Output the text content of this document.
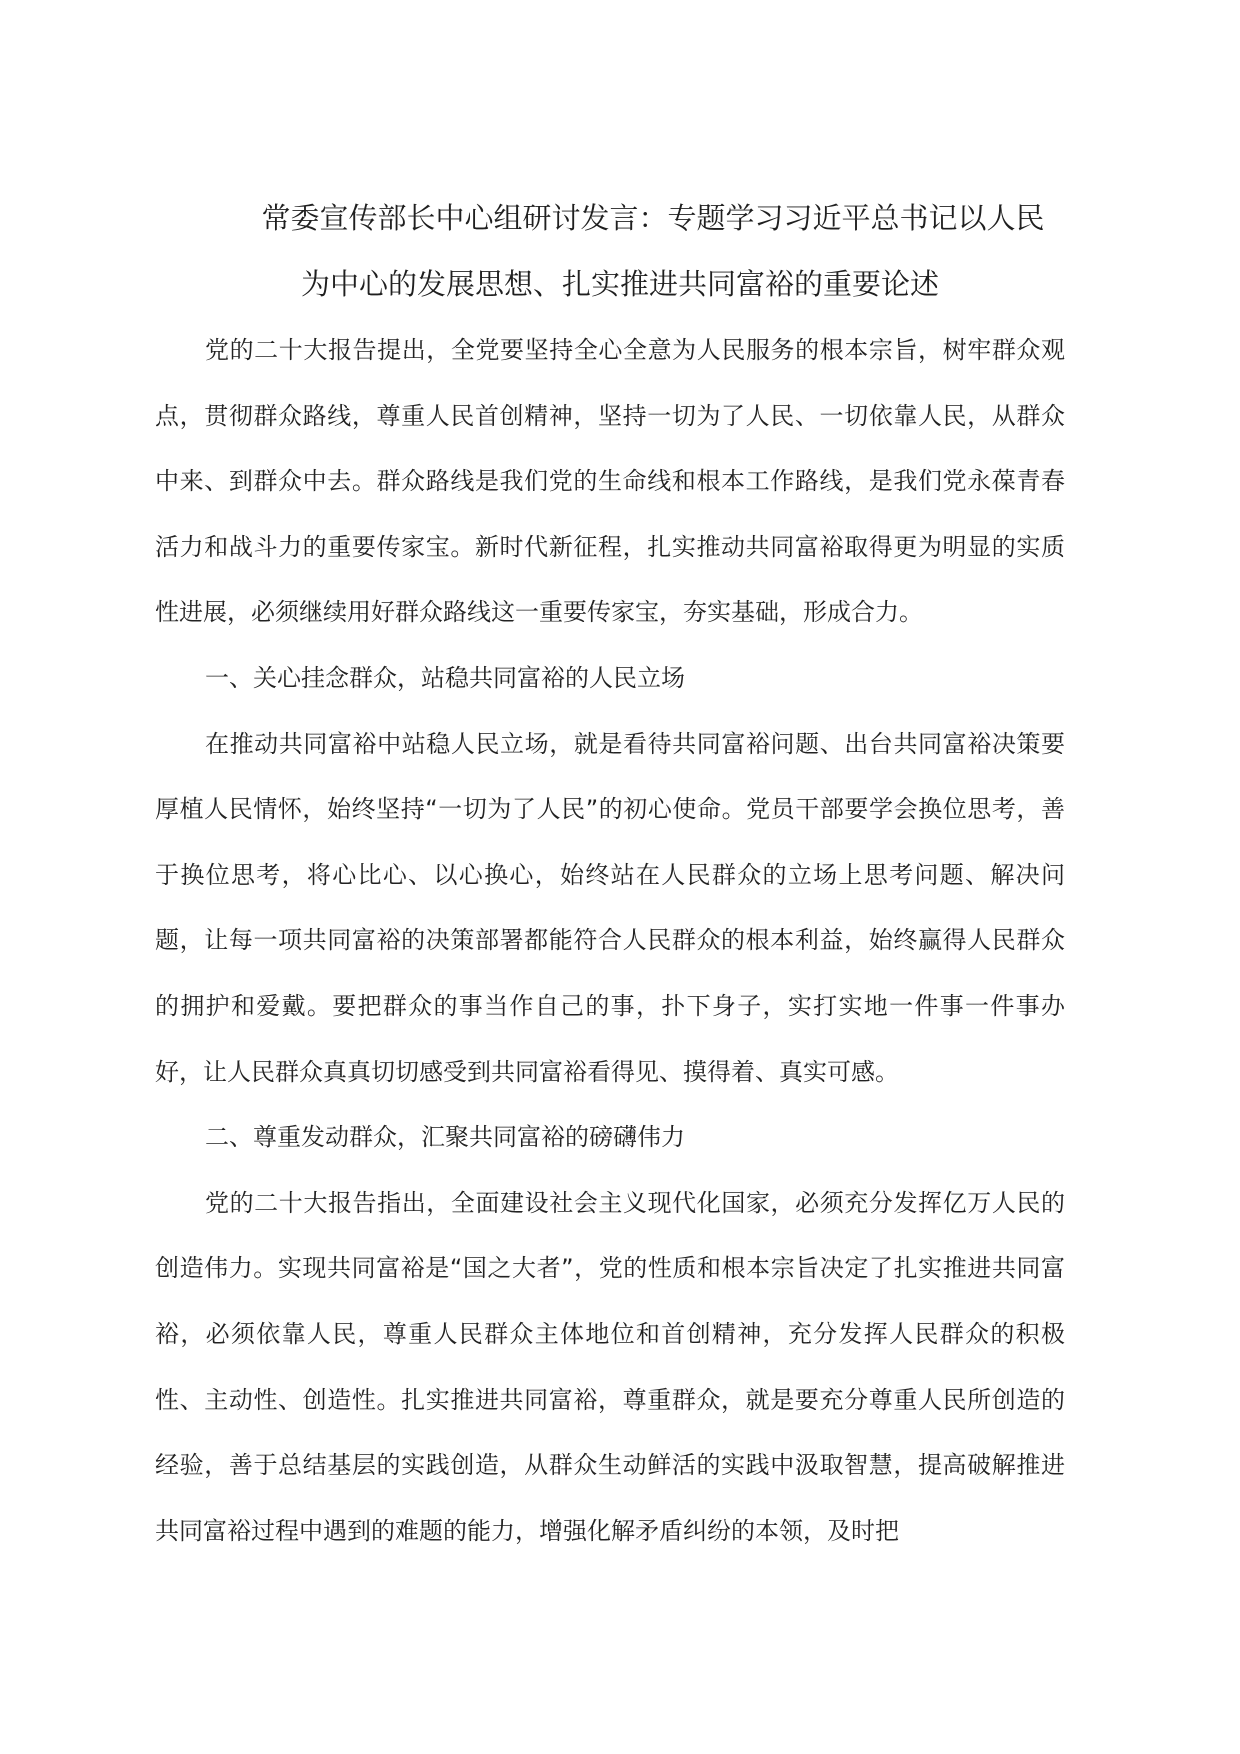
常委宣传部长中心组研讨发言：专题学习习近平总书记以人民
为中心的发展思想、扎实推进共同富裕的重要论述

党的二十大报告提出，全党要坚持全心全意为人民服务的根本宗旨，树牢群众观点，贯彻群众路线，尊重人民首创精神，坚持一切为了人民、一切依靠人民，从群众中来、到群众中去。群众路线是我们党的生命线和根本工作路线，是我们党永葆青春活力和战斗力的重要传家宝。新时代新征程，扎实推动共同富裕取得更为明显的实质性进展，必须继续用好群众路线这一重要传家宝，夯实基础，形成合力。

一、关心挂念群众，站稳共同富裕的人民立场

在推动共同富裕中站稳人民立场，就是看待共同富裕问题、出台共同富裕决策要厚植人民情怀，始终坚持“一切为了人民”的初心使命。党员干部要学会换位思考，善于换位思考，将心比心、以心换心，始终站在人民群众的立场上思考问题、解决问题，让每一项共同富裕的决策部署都能符合人民群众的根本利益，始终赢得人民群众的拥护和爱戴。要把群众的事当作自己的事，扑下身子，实打实地一件事一件事办好，让人民群众真真切切感受到共同富裕看得见、摸得着、真实可感。

二、尊重发动群众，汇聚共同富裕的磅礴伟力

党的二十大报告指出，全面建设社会主义现代化国家，必须充分发挥亿万人民的创造伟力。实现共同富裕是“国之大者”，党的性质和根本宗旨决定了扎实推进共同富裕，必须依靠人民，尊重人民群众主体地位和首创精神，充分发挥人民群众的积极性、主动性、创造性。扎实推进共同富裕，尊重群众，就是要充分尊重人民所创造的经验，善于总结基层的实践创造，从群众生动鲜活的实践中汲取智慧，提高破解推进共同富裕过程中遇到的难题的能力，增强化解矛盾纠纷的本领，及时把
